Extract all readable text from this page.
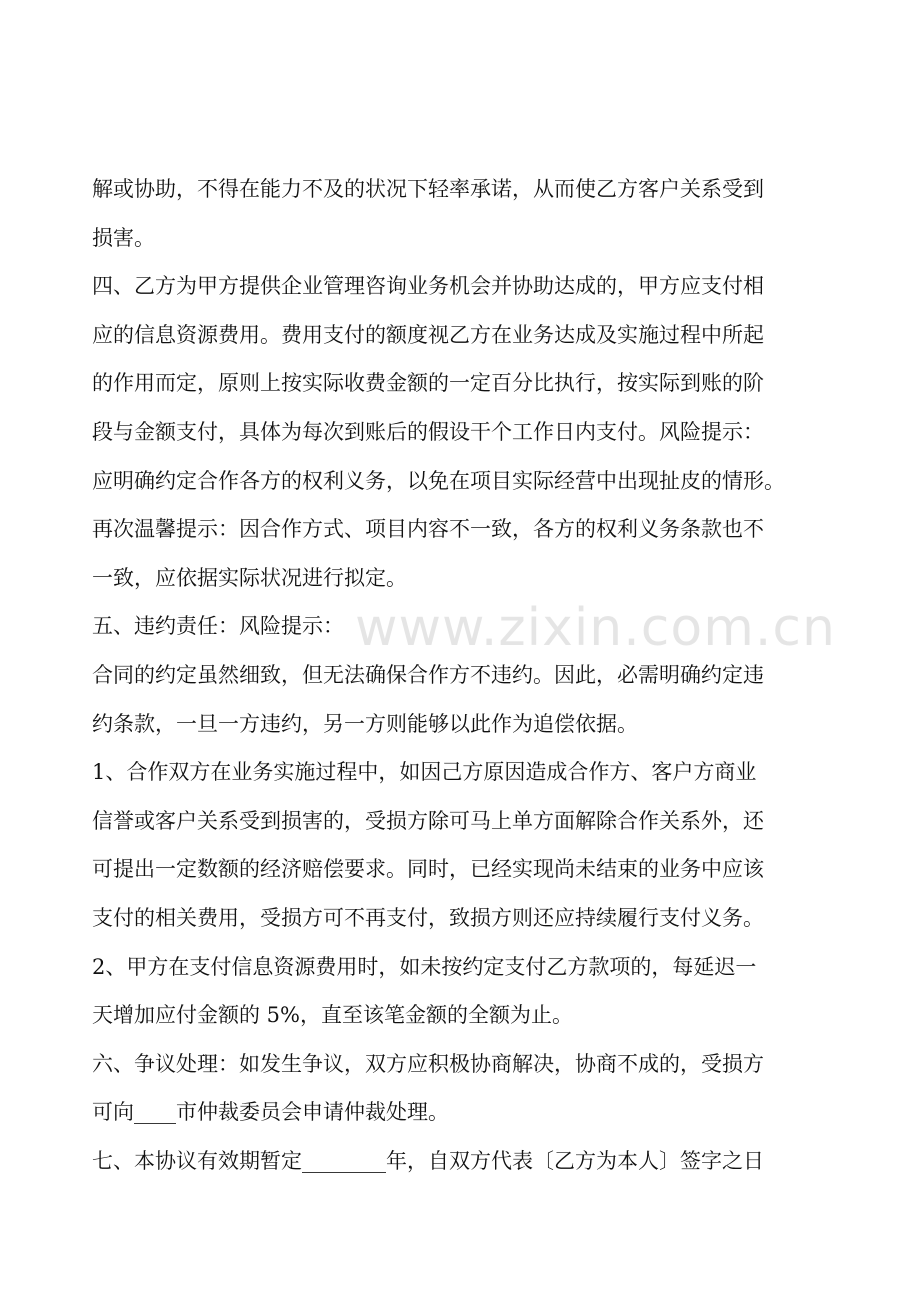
解或协助，不得在能力不及的状况下轻率承诺，从而使乙方客户关系受到
损害。
四、乙方为甲方提供企业管理咨询业务机会并协助达成的，甲方应支付相
应的信息资源费用。费用支付的额度视乙方在业务达成及实施过程中所起
的作用而定，原则上按实际收费金额的一定百分比执行，按实际到账的阶
段与金额支付，具体为每次到账后的假设干个工作日内支付。风险提示：
应明确约定合作各方的权利义务，以免在项目实际经营中出现扯皮的情形。
再次温馨提示：因合作方式、项目内容不一致，各方的权利义务条款也不
一致，应依据实际状况进行拟定。
五、违约责任：风险提示：
合同的约定虽然细致，但无法确保合作方不违约。因此，必需明确约定违
约条款，一旦一方违约，另一方则能够以此作为追偿依据。
1、合作双方在业务实施过程中，如因己方原因造成合作方、客户方商业
信誉或客户关系受到损害的，受损方除可马上单方面解除合作关系外，还
可提出一定数额的经济赔偿要求。同时，已经实现尚未结束的业务中应该
支付的相关费用，受损方可不再支付，致损方则还应持续履行支付义务。
2、甲方在支付信息资源费用时，如未按约定支付乙方款项的，每延迟一
天增加应付金额的 5%，直至该笔金额的全额为止。
六、争议处理：如发生争议，双方应积极协商解决，协商不成的，受损方
可向____市仲裁委员会申请仲裁处理。
七、本协议有效期暂定________年，自双方代表〔乙方为本人〕签字之日
www.zixin.com.cn
